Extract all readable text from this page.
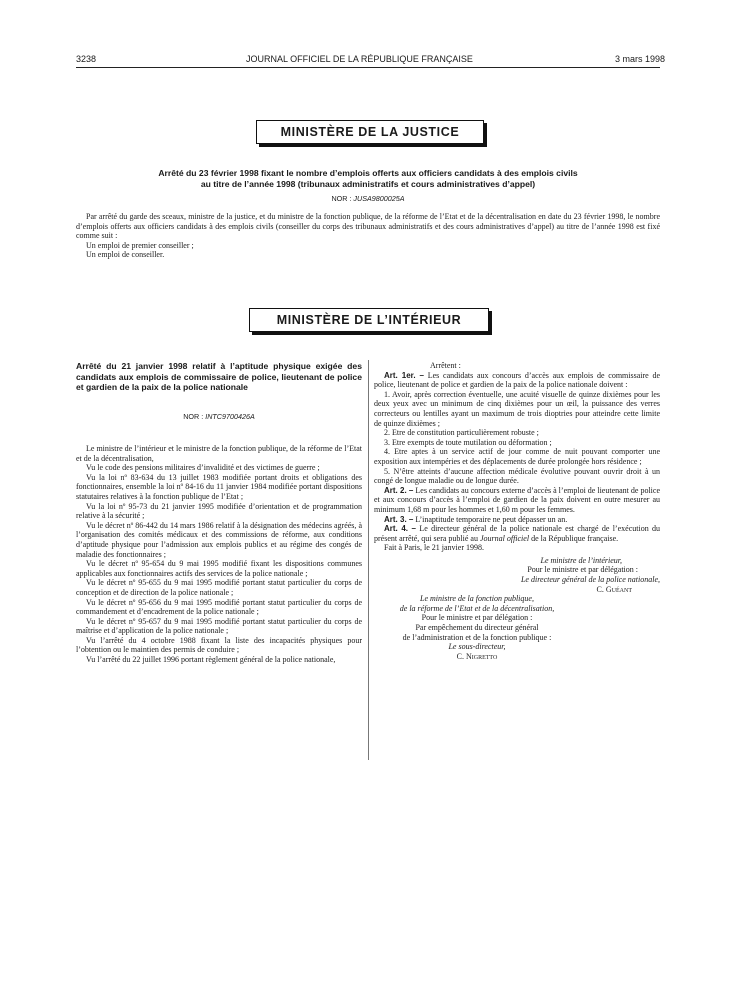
3238	JOURNAL OFFICIEL DE LA RÉPUBLIQUE FRANÇAISE	3 mars 1998
MINISTÈRE DE LA JUSTICE
Arrêté du 23 février 1998 fixant le nombre d’emplois offerts aux officiers candidats à des emplois civils
au titre de l’année 1998 (tribunaux administratifs et cours administratives d’appel)
NOR : JUSA9800025A

Par arrêté du garde des sceaux, ministre de la justice, et du ministre de la fonction publique, de la réforme de l’Etat et de la décentralisation en date du 23 février 1998, le nombre d’emplois offerts aux officiers candidats à des emplois civils (conseiller du corps des tribunaux administratifs et des cours administratives d’appel) au titre de l’année 1998 est fixé comme suit :

Un emploi de premier conseiller ;

Un emploi de conseiller.

MINISTÈRE DE L’INTÉRIEUR
Arrêté du 21 janvier 1998 relatif à l’aptitude physique exigée des candidats aux emplois de commissaire de police, lieutenant de police et gardien de la paix de la police nationale
NOR : INTC9700426A

Le ministre de l’intérieur et le ministre de la fonction publique, de la réforme de l’Etat et de la décentralisation,

Vu le code des pensions militaires d’invalidité et des victimes de guerre ;

Vu la loi nº 83-634 du 13 juillet 1983 modifiée portant droits et obligations des fonctionnaires, ensemble la loi nº 84-16 du 11 janvier 1984 modifiée portant dispositions statutaires relatives à la fonction publique de l’Etat ;

Vu la loi nº 95-73 du 21 janvier 1995 modifiée d’orientation et de programmation relative à la sécurité ;

Vu le décret nº 86-442 du 14 mars 1986 relatif à la désignation des médecins agréés, à l’organisation des comités médicaux et des commissions de réforme, aux conditions d’aptitude physique pour l’admission aux emplois publics et au régime des congés de maladie des fonctionnaires ;

Vu le décret nº 95-654 du 9 mai 1995 modifié fixant les dispositions communes applicables aux fonctionnaires actifs des services de la police nationale ;

Vu le décret nº 95-655 du 9 mai 1995 modifié portant statut particulier du corps de conception et de direction de la police nationale ;

Vu le décret nº 95-656 du 9 mai 1995 modifié portant statut particulier du corps de commandement et d’encadrement de la police nationale ;

Vu le décret nº 95-657 du 9 mai 1995 modifié portant statut particulier du corps de maîtrise et d’application de la police nationale ;

Vu l’arrêté du 4 octobre 1988 fixant la liste des incapacités physiques pour l’obtention ou le maintien des permis de conduire ;

Vu l’arrêté du 22 juillet 1996 portant règlement général de la police nationale,

Arrêtent :

Art. 1er. – Les candidats aux concours d’accès aux emplois de commissaire de police, lieutenant de police et gardien de la paix de la police nationale doivent :

1. Avoir, après correction éventuelle, une acuité visuelle de quinze dixièmes pour les deux yeux avec un minimum de cinq dixièmes pour un œil, la puissance des verres correcteurs ou lentilles ayant un maximum de trois dioptries pour atteindre cette limite de quinze dixièmes ;

2. Etre de constitution particulièrement robuste ;

3. Etre exempts de toute mutilation ou déformation ;

4. Etre aptes à un service actif de jour comme de nuit pouvant comporter une exposition aux intempéries et des déplacements de durée prolongée hors résidence ;

5. N’être atteints d’aucune affection médicale évolutive pouvant ouvrir droit à un congé de longue maladie ou de longue durée.

Art. 2. – Les candidats au concours externe d’accès à l’emploi de lieutenant de police et aux concours d’accès à l’emploi de gardien de la paix doivent en outre mesurer au minimum 1,68 m pour les hommes et 1,60 m pour les femmes.

Art. 3. – L’inaptitude temporaire ne peut dépasser un an.

Art. 4. – Le directeur général de la police nationale est chargé de l’exécution du présent arrêté, qui sera publié au Journal officiel de la République française.

Fait à Paris, le 21 janvier 1998.

Le ministre de l’intérieur,

Pour le ministre et par délégation :

Le directeur général de la police nationale,

C. Guéant

Le ministre de la fonction publique,

de la réforme de l’Etat et de la décentralisation,

Pour le ministre et par délégation :

Par empêchement du directeur général

de l’administration et de la fonction publique :

Le sous-directeur,

C. Nigretto
